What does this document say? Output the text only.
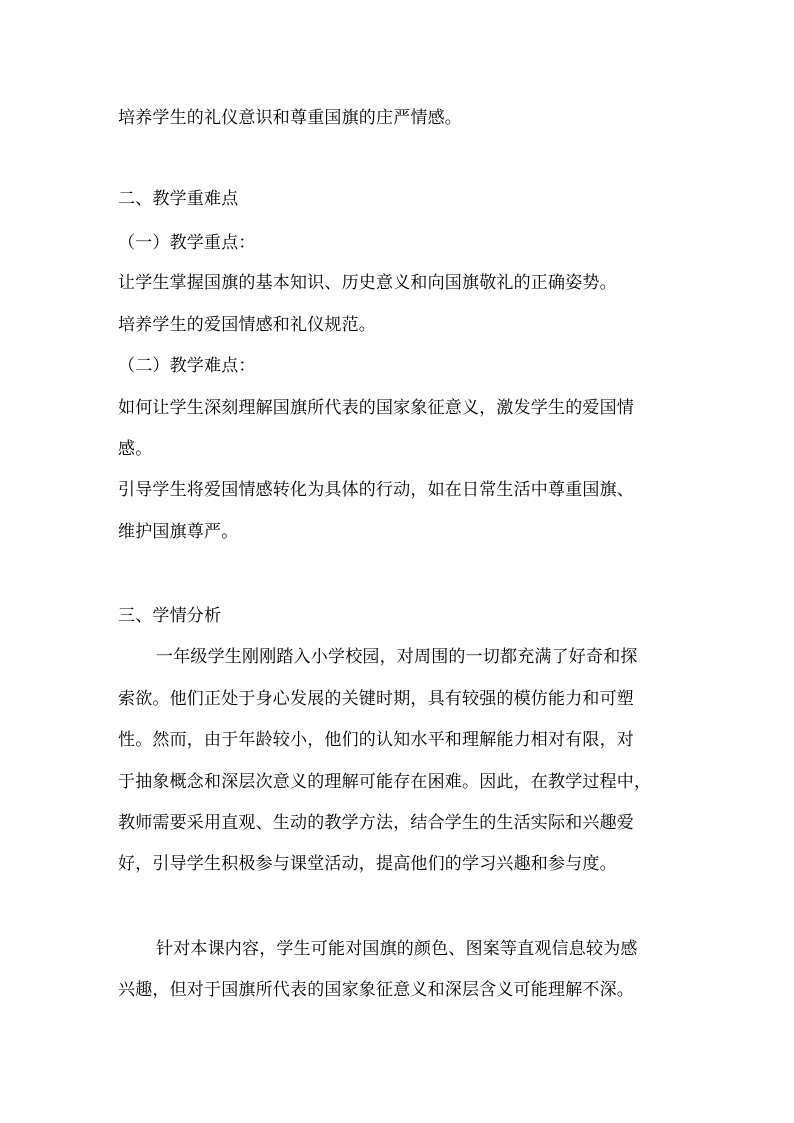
培养学生的礼仪意识和尊重国旗的庄严情感。
二、教学重难点
（一）教学重点：
让学生掌握国旗的基本知识、历史意义和向国旗敬礼的正确姿势。
培养学生的爱国情感和礼仪规范。
（二）教学难点：
如何让学生深刻理解国旗所代表的国家象征意义，激发学生的爱国情
感。
引导学生将爱国情感转化为具体的行动，如在日常生活中尊重国旗、
维护国旗尊严。
三、学情分析
一年级学生刚刚踏入小学校园，对周围的一切都充满了好奇和探
索欲。他们正处于身心发展的关键时期，具有较强的模仿能力和可塑
性。然而，由于年龄较小，他们的认知水平和理解能力相对有限，对
于抽象概念和深层次意义的理解可能存在困难。因此，在教学过程中，
教师需要采用直观、生动的教学方法，结合学生的生活实际和兴趣爱
好，引导学生积极参与课堂活动，提高他们的学习兴趣和参与度。
针对本课内容，学生可能对国旗的颜色、图案等直观信息较为感
兴趣，但对于国旗所代表的国家象征意义和深层含义可能理解不深。
